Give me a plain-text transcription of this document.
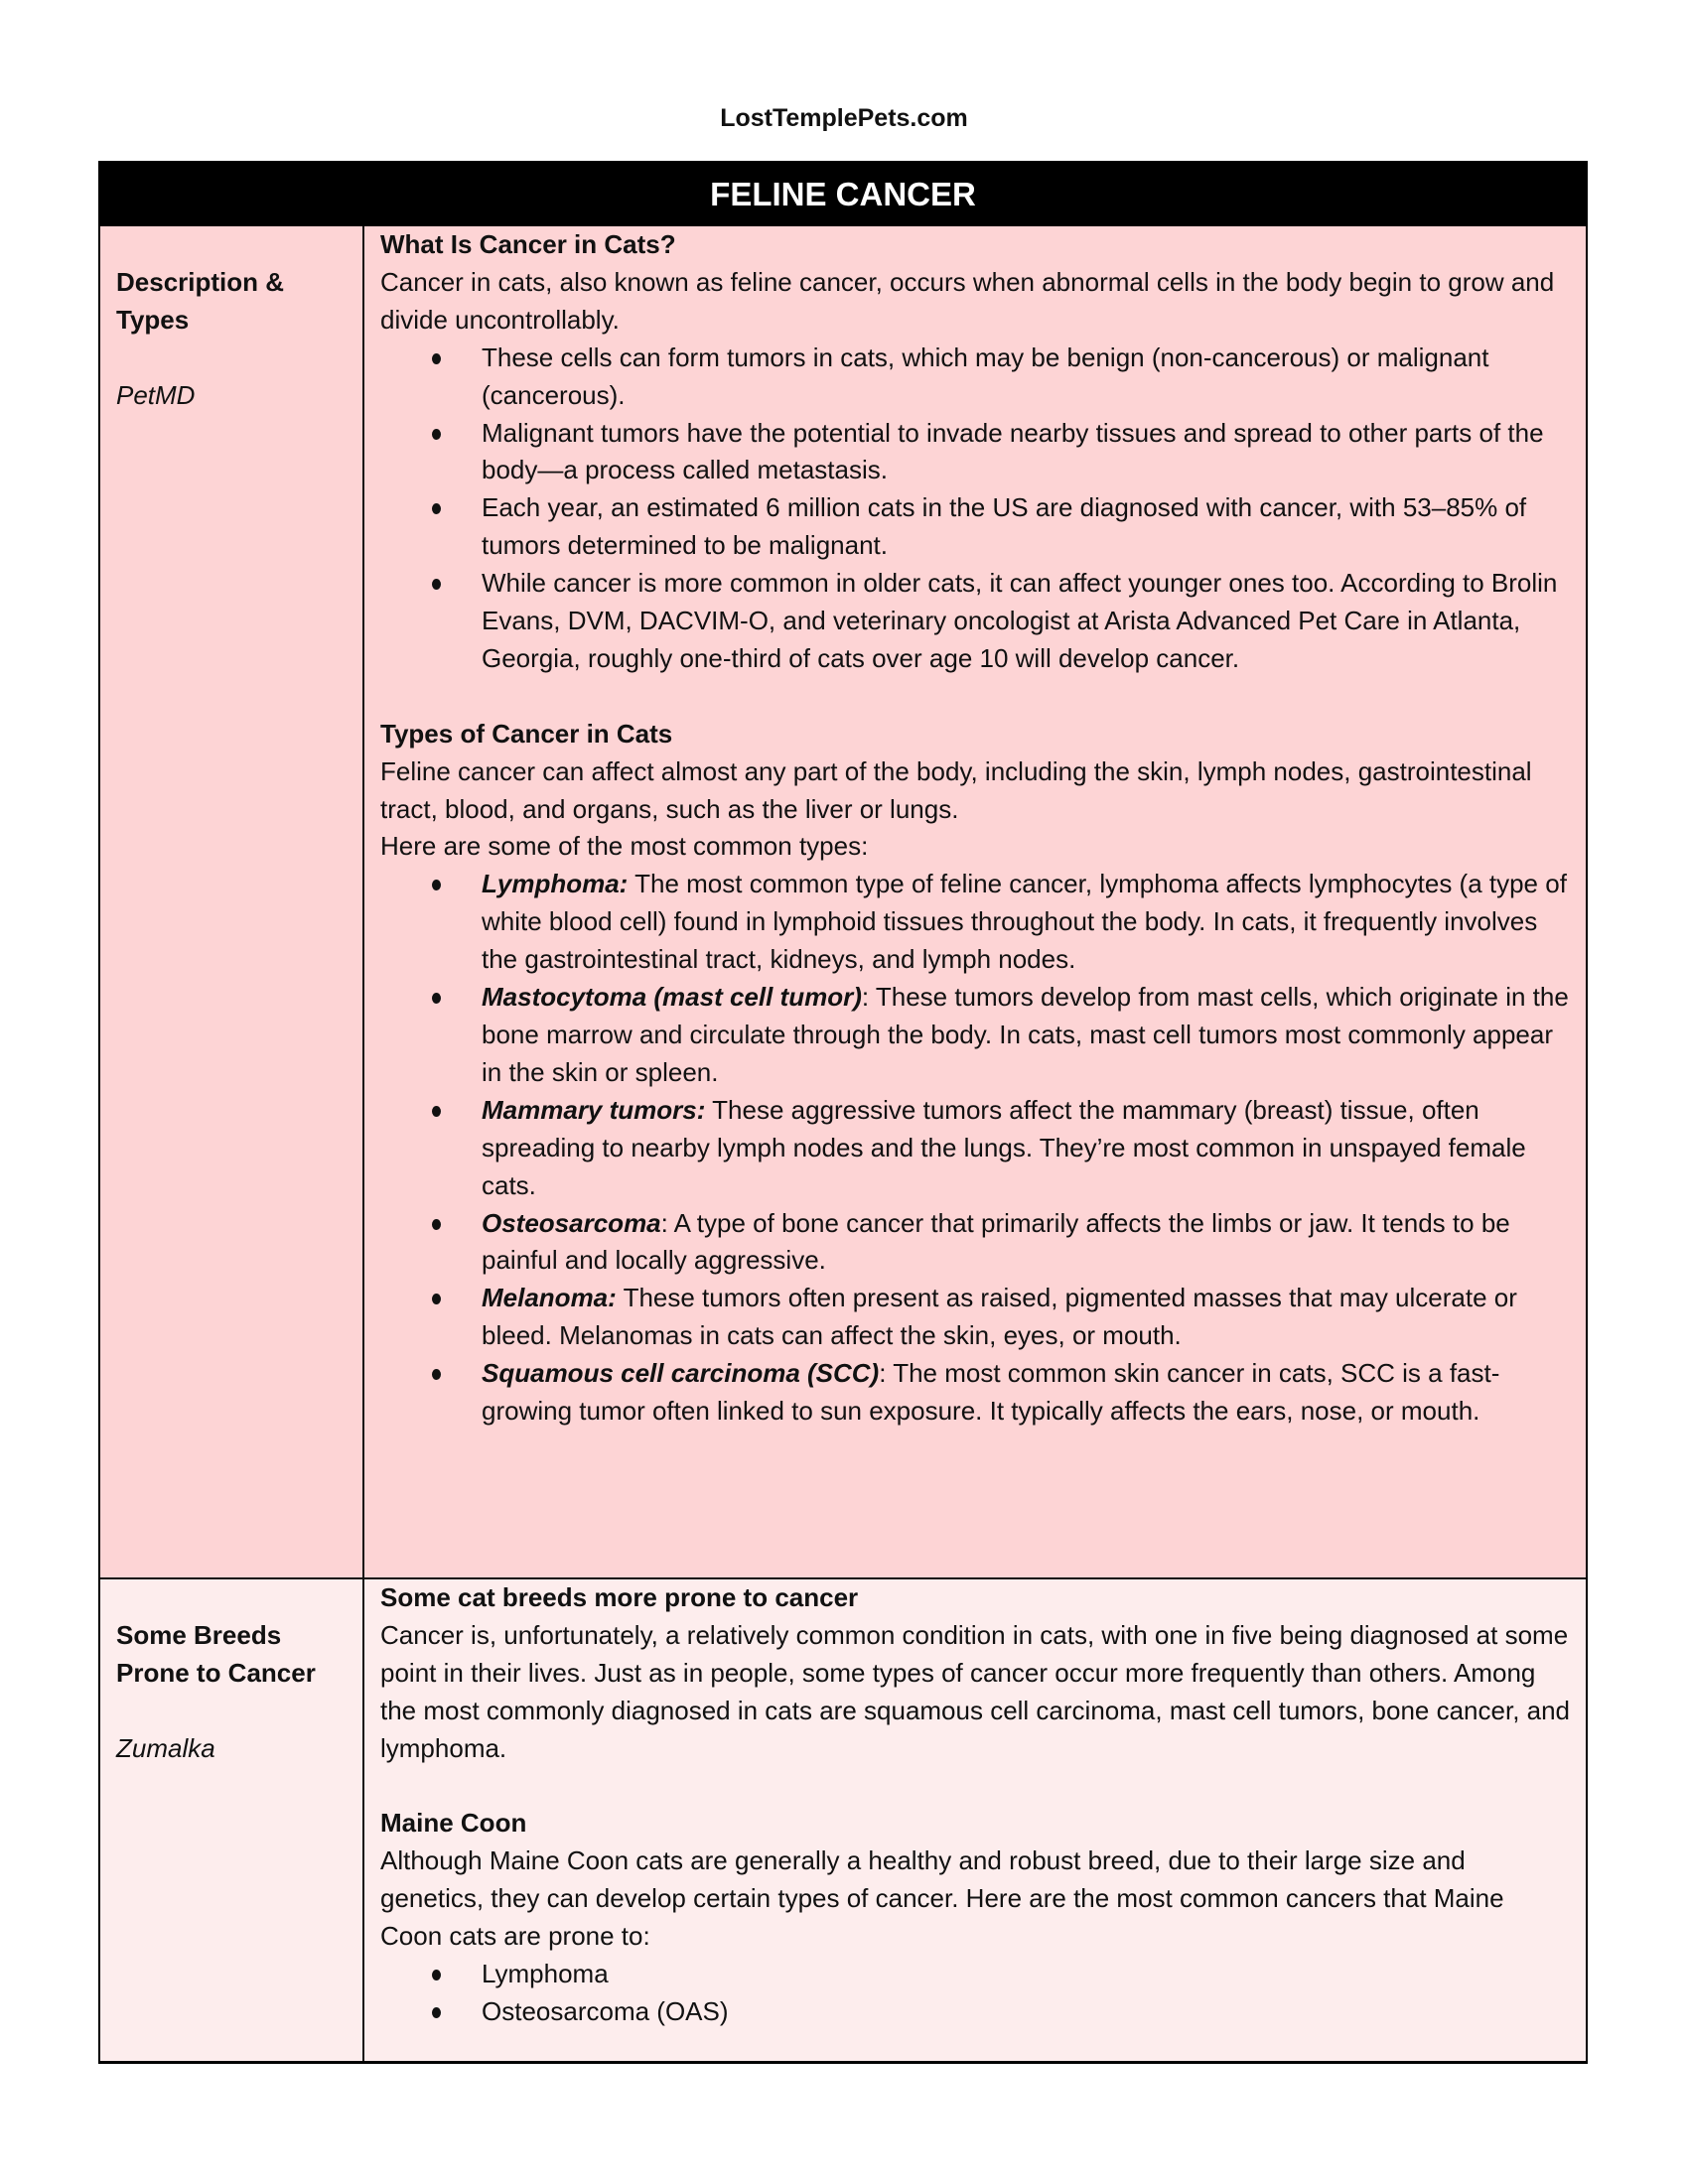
LostTemplePets.com
FELINE CANCER
Description &
Types
PetMD
What Is Cancer in Cats?

Cancer in cats, also known as feline cancer, occurs when abnormal cells in the body begin to grow and divide uncontrollably.

These cells can form tumors in cats, which may be benign (non-cancerous) or malignant (cancerous).
Malignant tumors have the potential to invade nearby tissues and spread to other parts of the body—a process called metastasis.
Each year, an estimated 6 million cats in the US are diagnosed with cancer, with 53–85% of tumors determined to be malignant.
While cancer is more common in older cats, it can affect younger ones too. According to Brolin Evans, DVM, DACVIM-O, and veterinary oncologist at Arista Advanced Pet Care in Atlanta, Georgia, roughly one-third of cats over age 10 will develop cancer.
Types of Cancer in Cats

Feline cancer can affect almost any part of the body, including the skin, lymph nodes, gastrointestinal tract, blood, and organs, such as the liver or lungs.

Here are some of the most common types:

Lymphoma: The most common type of feline cancer, lymphoma affects lymphocytes (a type of white blood cell) found in lymphoid tissues throughout the body. In cats, it frequently involves the gastrointestinal tract, kidneys, and lymph nodes.
Mastocytoma (mast cell tumor): These tumors develop from mast cells, which originate in the bone marrow and circulate through the body. In cats, mast cell tumors most commonly appear in the skin or spleen.
Mammary tumors: These aggressive tumors affect the mammary (breast) tissue, often spreading to nearby lymph nodes and the lungs. They’re most common in unspayed female cats.
Osteosarcoma: A type of bone cancer that primarily affects the limbs or jaw. It tends to be painful and locally aggressive.
Melanoma: These tumors often present as raised, pigmented masses that may ulcerate or bleed. Melanomas in cats can affect the skin, eyes, or mouth.
Squamous cell carcinoma (SCC): The most common skin cancer in cats, SCC is a fast-growing tumor often linked to sun exposure. It typically affects the ears, nose, or mouth.
Some Breeds
Prone to Cancer
Zumalka
Some cat breeds more prone to cancer

Cancer is, unfortunately, a relatively common condition in cats, with one in five being diagnosed at some point in their lives. Just as in people, some types of cancer occur more frequently than others. Among the most commonly diagnosed in cats are squamous cell carcinoma, mast cell tumors, bone cancer, and lymphoma.

Maine Coon

Although Maine Coon cats are generally a healthy and robust breed, due to their large size and genetics, they can develop certain types of cancer. Here are the most common cancers that Maine Coon cats are prone to:

Lymphoma
Osteosarcoma (OAS)
